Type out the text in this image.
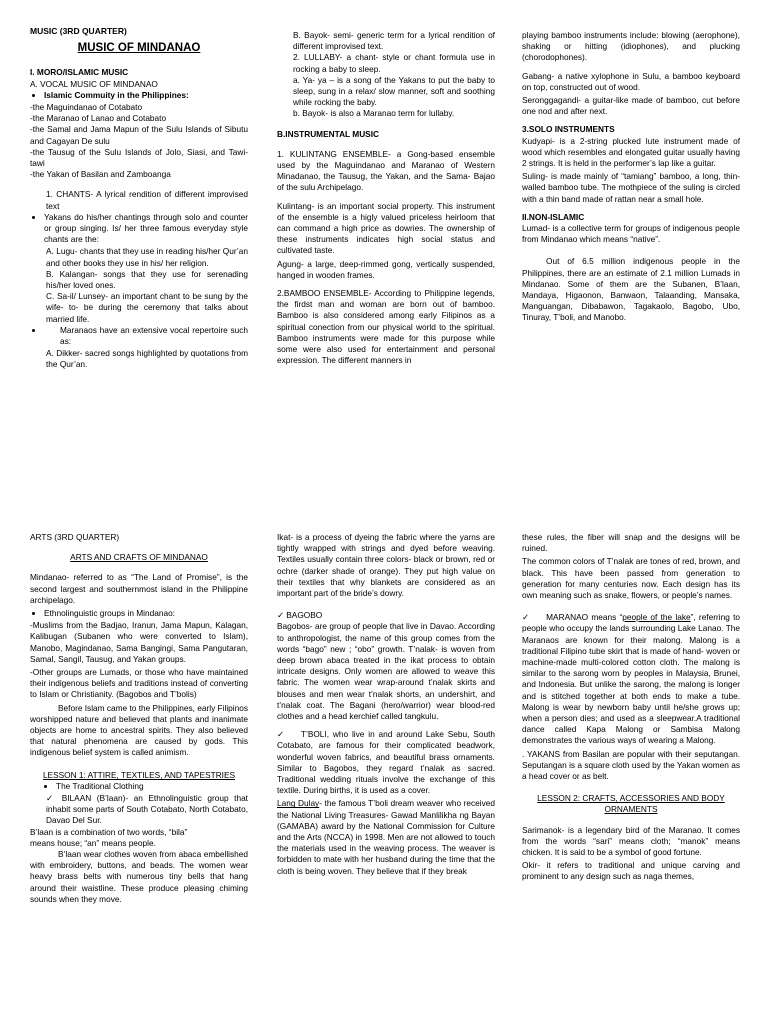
MUSIC (3RD QUARTER)
MUSIC OF MINDANAO
I. MORO/ISLAMIC MUSIC
A. VOCAL MUSIC OF MINDANAO
• Islamic Commuity in the Philippines:
-the Maguindanao of Cotabato
-the Maranao of Lanao and Cotabato
-the Samal and Jama Mapun of the Sulu Islands of Sibutu and Cagayan De sulu
-the Tausug of the Sulu Islands of Jolo, Siasi, and Tawi- tawi
-the Yakan of Basilan and Zamboanga
1. CHANTS- A lyrical rendition of different improvised text
• Yakans do his/her chantings through solo and counter or group singing. Is/ her three famous everyday style chants are the:
A. Lugu- chants that they use in reading his/her Qur’an and other books they use in his/ her religion.
B. Kalangan- songs that they use for serenading his/her loved ones.
C. Sa-il/ Lunsey- an important chant to be sung by the wife- to- be during the ceremony that talks about married life.
• Maranaos have an extensive vocal repertoire such as:
A. Dikker- sacred songs highlighted by quotations from the Qur’an.
B. Bayok- semi- generic term for a lyrical rendition of different improvised text.
2. LULLABY- a chant- style or chant formula use in rocking a baby to sleep.
a. Ya- ya – is a song of the Yakans to put the baby to sleep, sung in a relax/ slow manner, soft and soothing while rocking the baby.
b. Bayok- is also a Maranao term for lullaby.
B.INSTRUMENTAL MUSIC

1. KULINTANG ENSEMBLE- a Gong-based ensemble used by the Maguindanao and Maranao of Western Minadanao, the Tausug, the Yakan, and the Sama- Bajao of the sulu Archipelago.

Kulintang- is an important social property. This instrument of the ensemble is a higly valued priceless heirloom that can command a high price as dowries. The ownership of these instruments indicates high social status and cultivated taste.

Agung- a large, deep-rimmed gong, vertically suspended, hanged in wooden frames.

2.BAMBOO ENSEMBLE- According to Philippine legends, the firdst man and woman are born out of bamboo. Bamboo is also considered among early Filipinos as a spiritual conection from our physical world to the spiritual. Bamboo instruments were made for this purpose while some were also used for entertainment and personal expression. The different manners in

playing bamboo instruments include: blowing (aerophone), shaking or hitting (idiophones), and plucking (chorodophones).

Gabang- a native xylophone in Sulu, a bamboo keyboard on top, constructed out of wood.

Seronggagandi- a guitar-like made of bamboo, cut before one nod and after next.

3.SOLO INSTRUMENTS

Kudyapi- is a 2-string plucked lute instrument made of wood which resembles and elongated guitar usually having 2 strings. It is held in the performer’s lap like a guitar.

Suling- is made mainly of “tamiang” bamboo, a long, thin-walled bamboo tube. The mothpiece of the suling is circled with a thin band made of rattan near a small hole.

II.NON-ISLAMIC

Lumad- is a collective term for groups of indigenous people from Mindanao which means “native”.

Out of 6.5 million indigenous people in the Philippines, there are an estimate of 2.1 million Lumads in Mindanao. Some of them are the Subanen, B’laan, Mandaya, Higaonon, Banwaon, Talaanding, Mansaka, Manguangan, Dibabawon, Tagakaolo, Bagobo, Ubo, Tinuray, T’boli, and Manobo.

ARTS (3RD QUARTER)
ARTS AND CRAFTS OF MINDANAO

Mindanao- referred to as “The Land of Promise”, is the second largest and southernmost island in the Philippine archipelago.

• Ethnolinguistic groups in Mindanao:

-Muslims from the Badjao, Iranun, Jama Mapun, Kalagan, Kalibugan (Subanen who were converted to Islam), Manobo, Magindanao, Sama Bangingi, Sama Pangutaran, Samal, Sangil, Tausug, and Yakan groups.

-Other groups are Lumads, or those who have maintained their indigenous beliefs and traditions instead of converting to Islam or Christianity. (Bagobos and T’bolis)

Before Islam came to the Philippines, early Filipinos worshipped nature and believed that plants and inanimate objects are home to ancestral spirits. They also believed that natural phenomena are caused by gods. This indigenous belief system is called animism.

LESSON 1: ATTIRE, TEXTILES, AND TAPESTRIES
• The Traditional Clothing
✓ BILAAN (B’laan)- an Ethnolinguistic group that inhabit some parts of South Cotabato, North Cotabato, Davao Del Sur.
B’laan is a combination of two words, “bila”
means house; “an” means people.

B’laan wear clothes woven from abaca embellished with embroidery, buttons, and beads. The women wear heavy brass belts with numerous tiny bells that hang around their waistline. These produce pleasing chiming sounds when they move.

Ikat- is a process of dyeing the fabric where the yarns are tightly wrapped with strings and dyed before weaving. Textiles usually contain three colors- black or brown, red or ochre (darker shade of orange). They put high value on their textiles that why blankets are considered as an important part of the bride’s dowry.

✓ BAGOBO

Bagobos- are group of people that live in Davao. According to anthropologist, the name of this group comes from the words “bago” new ; “obo” growth. T’nalak- is woven from deep brown abaca treated in the ikat process to obtain intricate designs. Only women are allowed to weave this fabric. The women wear wrap-around t’nalak skirts and blouses and men wear t’nalak shorts, an undershirt, and t’nalak coat. The Bagani (hero/warrior) wear blood-red clothes and a head kerchief called tangkulu.

✓    T’BOLI, who live in and around Lake Sebu, South Cotabato, are famous for their complicated beadwork, wonderful woven fabrics, and beautiful brass ornaments. Similar to Bagobos, they regard t’nalak as sacred. Traditional wedding rituals involve the exchange of this textile. During births, it is used as a cover.

Lang Dulay- the famous T’boli dream weaver who received the National Living Treasures- Gawad Manlilikha ng Bayan (GAMABA) award by the National Commission for Culture and the Arts (NCCA) in 1998. Men are not allowed to touch the materials used in the weaving process. The weaver is forbidden to mate with her husband during the time that the cloth is being woven. They believe that if they break

these rules, the fiber will snap and the designs will be ruined.

The common colors of T’nalak are tones of red, brown, and black. This have been passed from generation to generation for many centuries now. Each design has its own meaning such as snake, flowers, or people’s names.

✓     MARANAO means “people of the lake”, referring to people who occupy the lands surrounding Lake Lanao. The Maranaos are known for their malong. Malong is a traditional Filipino tube skirt that is made of hand- woven or machine-made multi-colored cotton cloth. The malong is similar to the sarong worn by peoples in Malaysia, Brunei, and Indonesia. But unlike the sarong, the malong is longer and is stitched together at both ends to make a tube. Malong is wear by newborn baby until he/she grows up; when a person dies; and used as a sleepwear.A traditional dance called Kapa Malong or Sambisa Malong demonstrates the various ways of wearing a Malong.

. YAKANS from Basilan are popular with their seputangan. Seputangan is a square cloth used by the Yakan women as a head cover or as belt.

LESSON 2: CRAFTS, ACCESSORIES AND BODY ORNAMENTS

Sarimanok- is a legendary bird of the Maranao. It comes from the words “sari” means cloth; “manok” means chicken. It is said to be a symbol of good fortune.

Okir- it refers to traditional and unique carving and prominent to any design such as naga themes,
